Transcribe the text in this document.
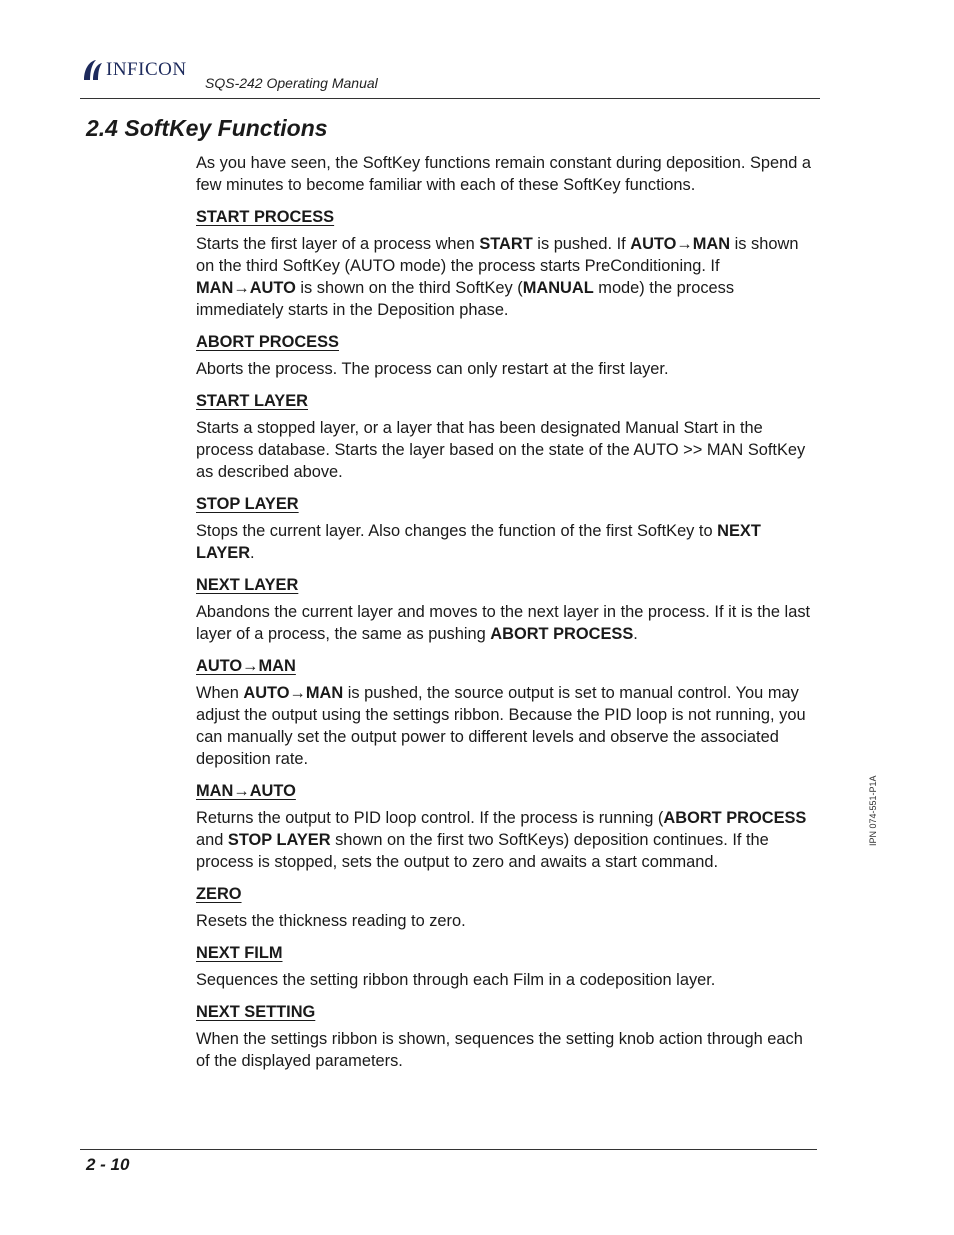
INFICON
SQS-242 Operating Manual
2.4 SoftKey Functions

As you have seen, the SoftKey functions remain constant during deposition. Spend a few minutes to become familiar with each of these SoftKey functions.

START PROCESS

Starts the first layer of a process when START is pushed. If AUTO→MAN is shown on the third SoftKey (AUTO mode) the process starts PreConditioning. If MAN→AUTO is shown on the third SoftKey (MANUAL mode) the process immediately starts in the Deposition phase.

ABORT PROCESS

Aborts the process. The process can only restart at the first layer.

START LAYER

Starts a stopped layer, or a layer that has been designated Manual Start in the process database. Starts the layer based on the state of the AUTO >> MAN SoftKey as described above.

STOP LAYER

Stops the current layer. Also changes the function of the first SoftKey to NEXT LAYER.

NEXT LAYER

Abandons the current layer and moves to the next layer in the process. If it is the last layer of a process, the same as pushing ABORT PROCESS.

AUTO→MAN

When AUTO→MAN is pushed, the source output is set to manual control. You may adjust the output using the settings ribbon. Because the PID loop is not running, you can manually set the output power to different levels and observe the associated deposition rate.

MAN→AUTO

Returns the output to PID loop control. If the process is running (ABORT PROCESS and STOP LAYER shown on the first two SoftKeys) deposition continues. If the process is stopped, sets the output to zero and awaits a start command.

ZERO

Resets the thickness reading to zero.

NEXT FILM

Sequences the setting ribbon through each Film in a codeposition layer.

NEXT SETTING

When the settings ribbon is shown, sequences the setting knob action through each of the displayed parameters.

IPN 074-551-P1A
2 - 10
